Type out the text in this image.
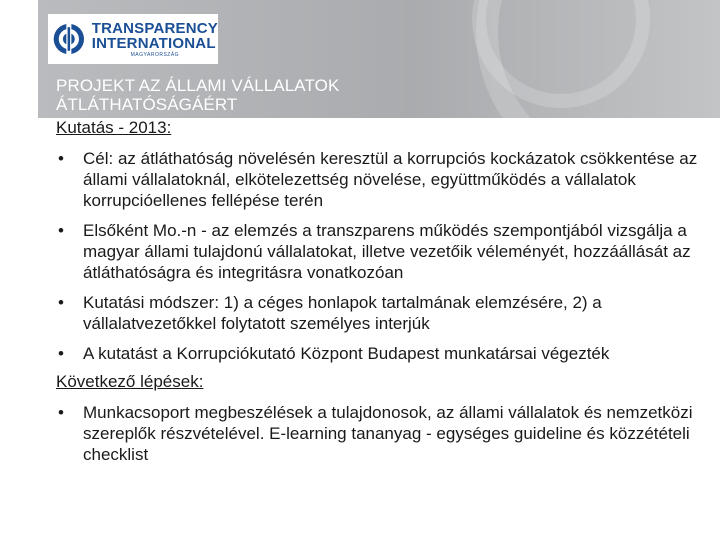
TRANSPARENCY
INTERNATIONAL
MAGYARORSZÁG

PROJEKT AZ ÁLLAMI VÁLLALATOK ÁTLÁTHATÓSÁGÁÉRT

Kutatás - 2013:
• Cél: az átláthatóság növelésén keresztül a korrupciós kockázatok csökkentése az állami vállalatoknál, elkötelezettség növelése, együttműködés a vállalatok korrupcióellenes fellépése terén
• Elsőként Mo.-n - az elemzés a transzparens működés szempontjából vizsgálja a magyar állami tulajdonú vállalatokat, illetve vezetőik véleményét, hozzáállását az átláthatóságra és integritásra vonatkozóan
• Kutatási módszer: 1) a céges honlapok tartalmának elemzésére, 2) a vállalatvezetőkkel folytatott személyes interjúk
• A kutatást a Korrupciókutató Központ Budapest munkatársai végezték
Következő lépések:
• Munkacsoport megbeszélések a tulajdonosok, az állami vállalatok és nemzetközi szereplők részvételével. E-learning tananyag - egységes guideline és közzétételi checklist
